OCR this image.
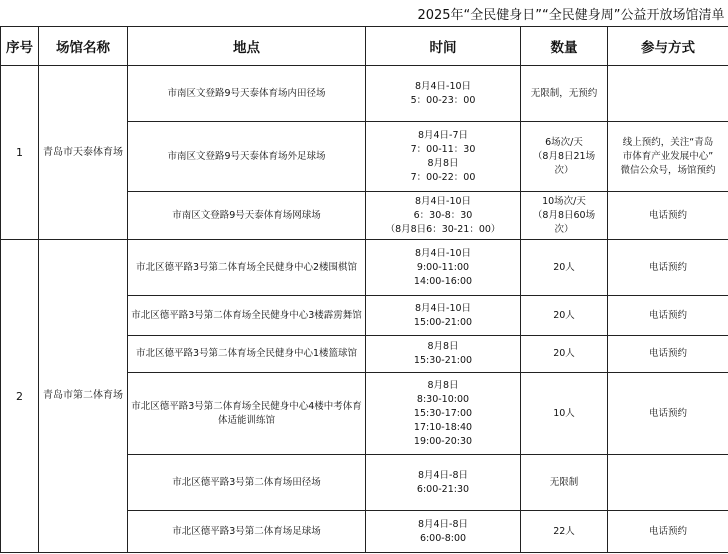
2025年“全民健身日”“全民健身周”公益开放场馆清单					
序号	场馆名称	地点	时间	数量	参与方式
1	青岛市天泰体育场	市南区文登路9号天泰体育场内田径场	8月4日-10日
5：00-23：00	无限制，无预约	
		市南区文登路9号天泰体育场外足球场	8月4日-7日
7：00-11：30
8月8日
7：00-22：00	6场次/天
（8月8日21场
次）	线上预约，关注“青岛
市体育产业发展中心”
微信公众号，场馆预约

		市南区文登路9号天泰体育场网球场	8月4日-10日
6：30-8：30
（8月8日6：30-21：00）	10场次/天
（8月8日60场
次）	电话预约
2	青岛市第二体育场	市北区德平路3号第二体育场全民健身中心2楼围棋馆	8月4日-10日
9:00-11:00
14:00-16:00	20人	电话预约
		市北区德平路3号第二体育场全民健身中心3楼霹雳舞馆	8月4日-10日
15:00-21:00	20人	电话预约
		市北区德平路3号第二体育场全民健身中心1楼篮球馆	8月8日
15:30-21:00	20人	电话预约
		市北区德平路3号第二体育场全民健身中心4楼中考体育体适能训练馆	8月8日
8:30-10:00
15:30-17:00
17:10-18:40
19:00-20:30	10人	电话预约
		市北区德平路3号第二体育场田径场	8月4日-8日
6:00-21:30	无限制	
		市北区德平路3号第二体育场足球场	8月4日-8日
6:00-8:00	22人	电话预约
